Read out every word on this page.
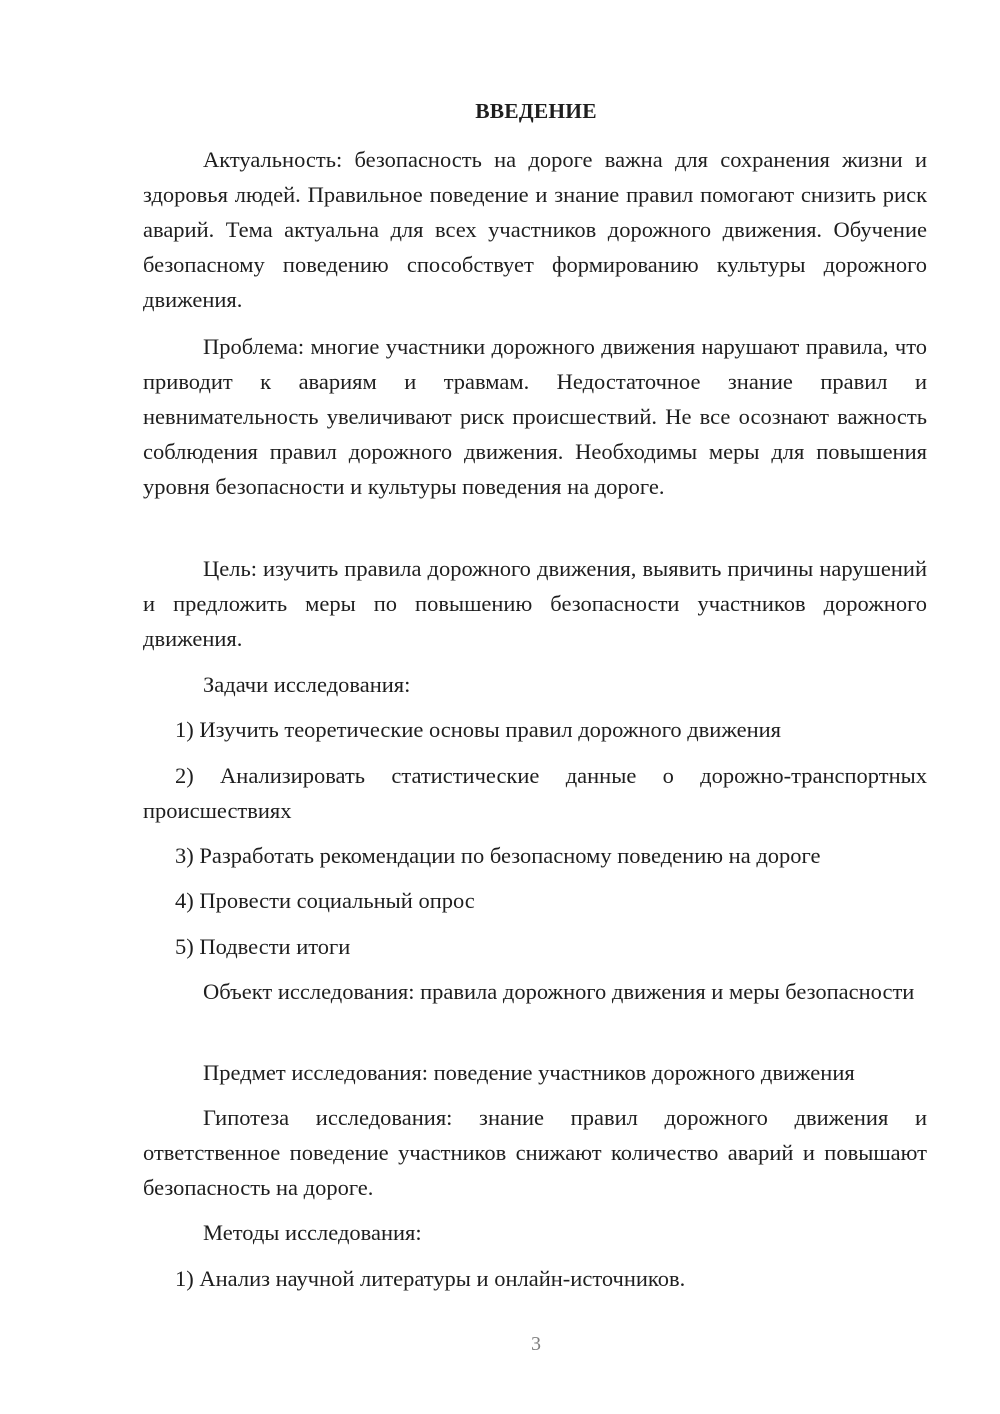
ВВЕДЕНИЕ

Актуальность: безопасность на дороге важна для сохранения жизни и здоровья людей. Правильное поведение и знание правил помогают снизить риск аварий. Тема актуальна для всех участников дорожного движения. Обучение безопасному поведению способствует формированию культуры дорожного движения.

Проблема: многие участники дорожного движения нарушают правила, что приводит к авариям и травмам. Недостаточное знание правил и невнимательность увеличивают риск происшествий. Не все осознают важность соблюдения правил дорожного движения. Необходимы меры для повышения уровня безопасности и культуры поведения на дороге.

Цель: изучить правила дорожного движения, выявить причины нарушений и предложить меры по повышению безопасности участников дорожного движения.

Задачи исследования:

1) Изучить теоретические основы правил дорожного движения

2) Анализировать статистические данные о дорожно-транспортных происшествиях

3) Разработать рекомендации по безопасному поведению на дороге

4) Провести социальный опрос

5) Подвести итоги

Объект исследования: правила дорожного движения и меры безопасности

Предмет исследования: поведение участников дорожного движения

Гипотеза исследования: знание правил дорожного движения и ответственное поведение участников снижают количество аварий и повышают безопасность на дороге.

Методы исследования:

1) Анализ научной литературы и онлайн-источников.

3
